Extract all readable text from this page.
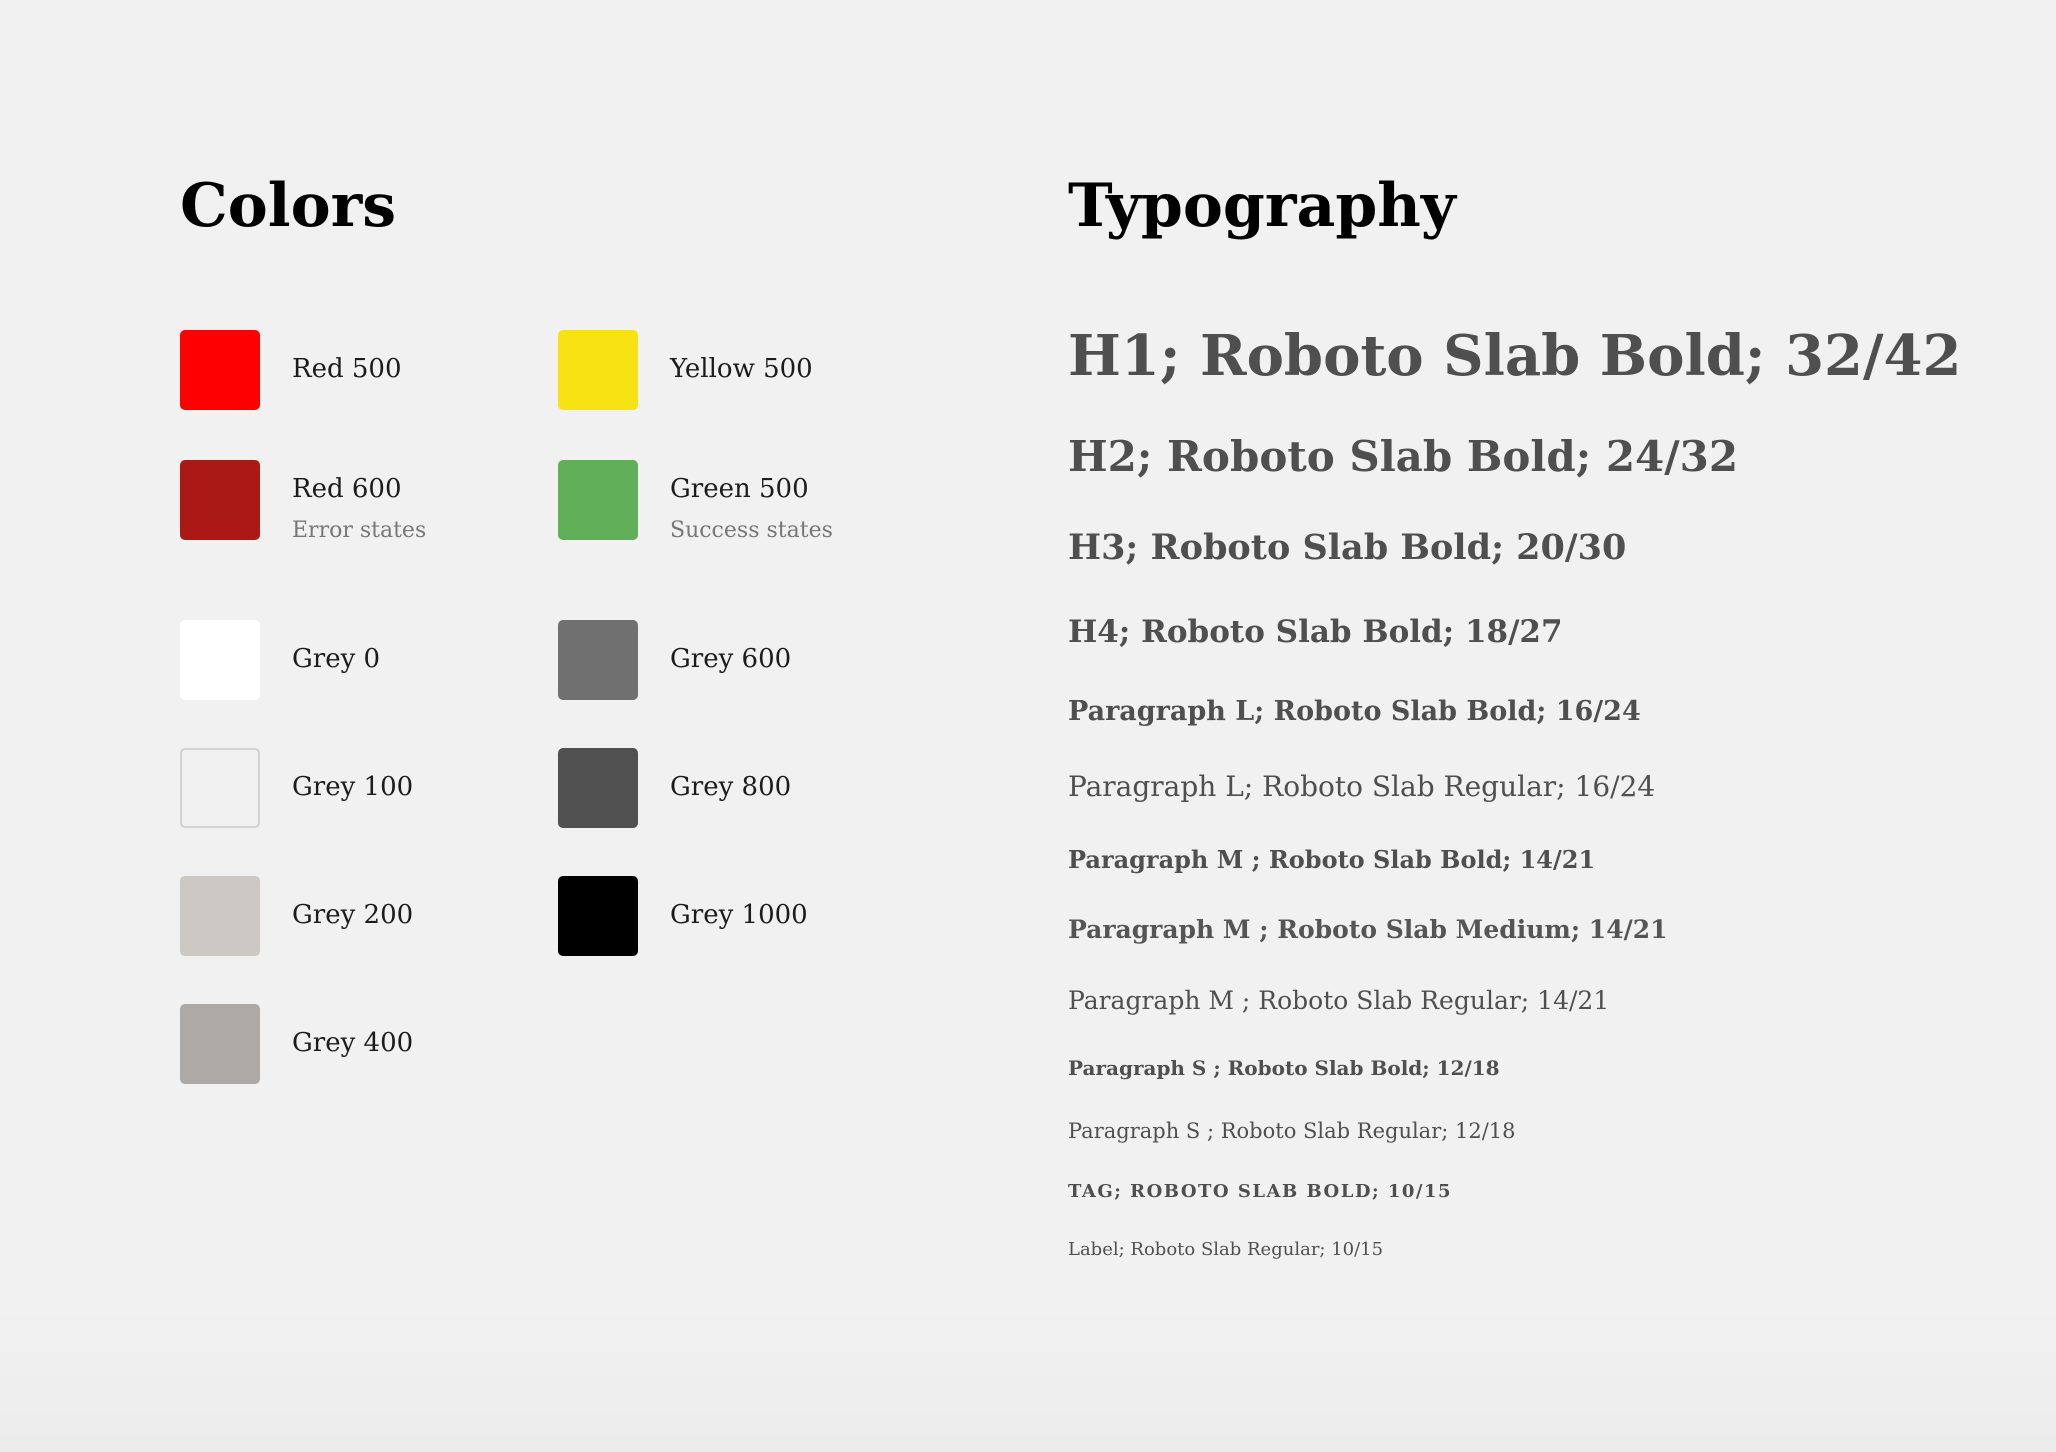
Colors
Red 500
Red 600
Error states
Grey 0
Grey 100
Grey 200
Grey 400
Yellow 500
Green 500
Success states
Grey 600
Grey 800
Grey 1000
Typography
H1; Roboto Slab Bold; 32/42
H2; Roboto Slab Bold; 24/32
H3; Roboto Slab Bold; 20/30
H4; Roboto Slab Bold; 18/27
Paragraph L; Roboto Slab Bold; 16/24
Paragraph L; Roboto Slab Regular; 16/24
Paragraph M ; Roboto Slab Bold; 14/21
Paragraph M ; Roboto Slab Medium; 14/21
Paragraph M ; Roboto Slab Regular; 14/21
Paragraph S ; Roboto Slab Bold; 12/18
Paragraph S ; Roboto Slab Regular; 12/18
TAG; ROBOTO SLAB BOLD; 10/15
Label; Roboto Slab Regular; 10/15
